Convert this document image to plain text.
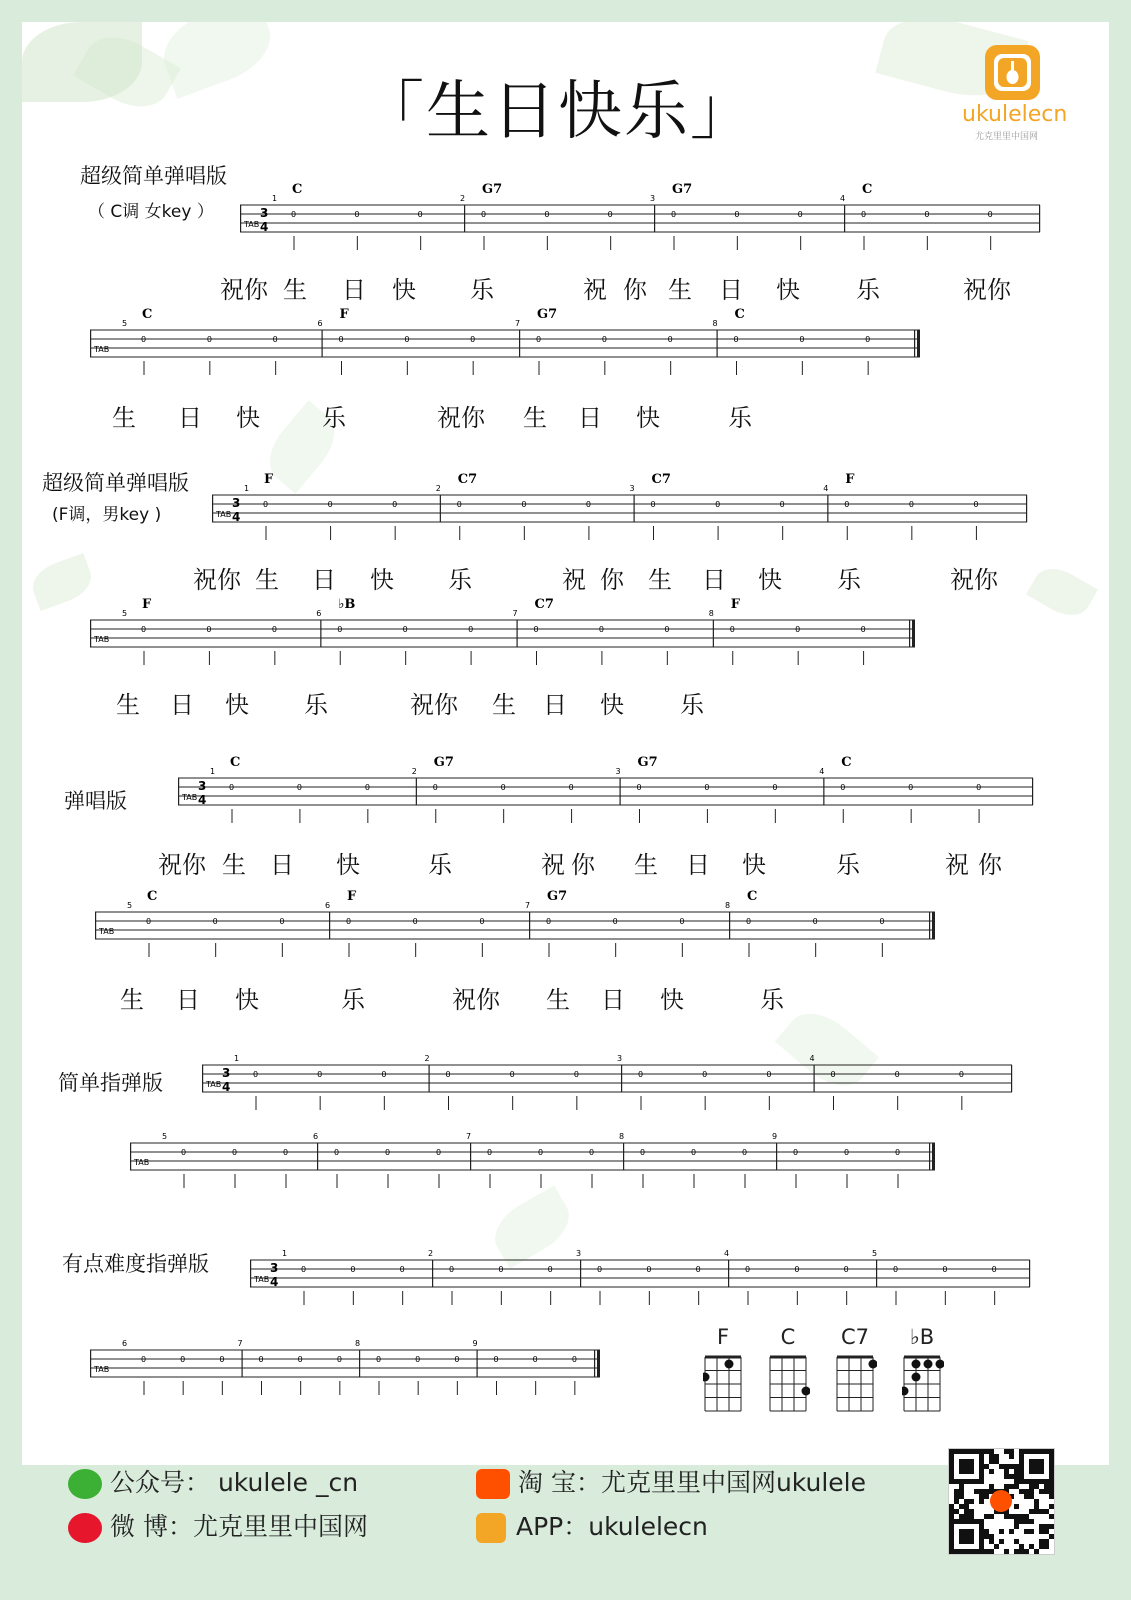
「生日快乐」	ukulelecn
尤克里里中国网
超级简单弹唱版
（ C调 女key ）
超级简单弹唱版
(F调，男key )
弹唱版
简单指弹版
有点难度指弹版
TAB
3
4
1
C
0	0	0
2
G7
0	0	0
3
G7
0	0	0
4
C
0	0	0
祝你 生 日 快 乐	祝 你 生 日 快 乐	祝你
TAB
5
C
0	0	0
6
F
0	0	0
7
G7
0	0	0
8
C
0	0	0
生 日 快	乐	祝你 生 日 快	乐
TAB
3
4
1
F
0	0	0
2
C7
0	0	0
3
C7
0	0	0
4
F
0	0	0
祝你 生 日 快 乐	祝 你 生 日 快 乐	祝你
TAB
5
F
0	0	0
6
♭B
0	0	0
7
C7
0	0	0
8
F
0	0	0
生 日 快 乐	祝你 生 日 快 乐
TAB
3
4
1
C
0	0	0
2
G7
0	0	0
3
G7
0	0	0
4
C
0	0	0
祝你 生 日 快	乐	祝 你 生 日 快	乐	祝 你
TAB
5
C
0	0	0
6
F
0	0	0
7
G7
0	0	0
8
C
0	0	0
生 日 快	乐	祝你 生 日 快	乐
TAB
3
4
1
0	0	0
2
0	0	0
3
0	0	0
4
0	0	0
TAB
5
0	0	0
6
0	0	0
7
0	0	0
8
0	0	0
9
0	0	0
TAB
3
4
1
0	0	0
2
0	0	0
3
0	0	0
4
0	0	0
5
0	0	0
TAB
6
0	0	0
7
0	0	0
8
0	0	0
9
0	0	0
F	C	C7	♭B
公众号： ukulele _cn
微 博：尤克里里中国网
淘 宝：尤克里里中国网ukulele
APP：ukulelecn
